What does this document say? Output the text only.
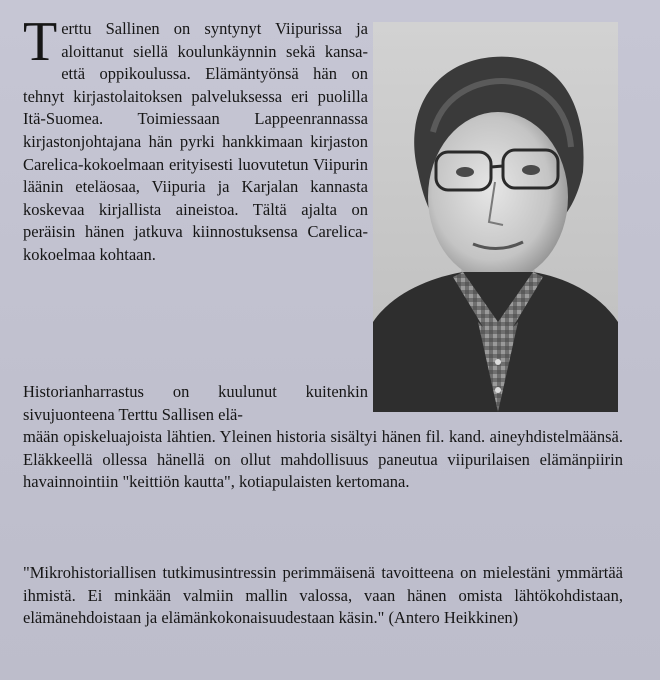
Terttu Sallinen on syntynyt Viipurissa ja aloittanut siellä koulunkäynnin sekä kansa- että oppikoulussa. Elämäntyönsä hän on tehnyt kirjastolaitoksen palveluksessa eri puolilla Itä-Suomea. Toimiessaan Lappeenrannassa kirjastonjohtajana hän pyrki hankkimaan kirjaston Carelica-kokoelmaan erityisesti luovutetun Viipurin läänin eteläosaa, Viipuria ja Karjalan kannasta koskevaa kirjallista aineistoa. Tältä ajalta on peräisin hänen jatkuva kiinnostuksensa Carelica-kokoelmaa kohtaan.
Historianharrastus on kuulunut kuitenkin sivujuonteena Terttu Sallisen elä-
mään opiskeluajoista lähtien. Yleinen historia sisältyi hänen fil. kand. aineyhdistelmäänsä. Eläkkeellä ollessa hänellä on ollut mahdollisuus paneutua viipurilaisen elämänpiirin havainnointiin "keittiön kautta", kotiapulaisten kertomana.
"Mikrohistoriallisen tutkimusintressin perimmäisenä tavoitteena on mielestäni ymmärtää ihmistä. Ei minkään valmiin mallin valossa, vaan hänen omista lähtökohdistaan, elämänehdoistaan ja elämänkokonaisuudestaan käsin." (Antero Heikkinen)
